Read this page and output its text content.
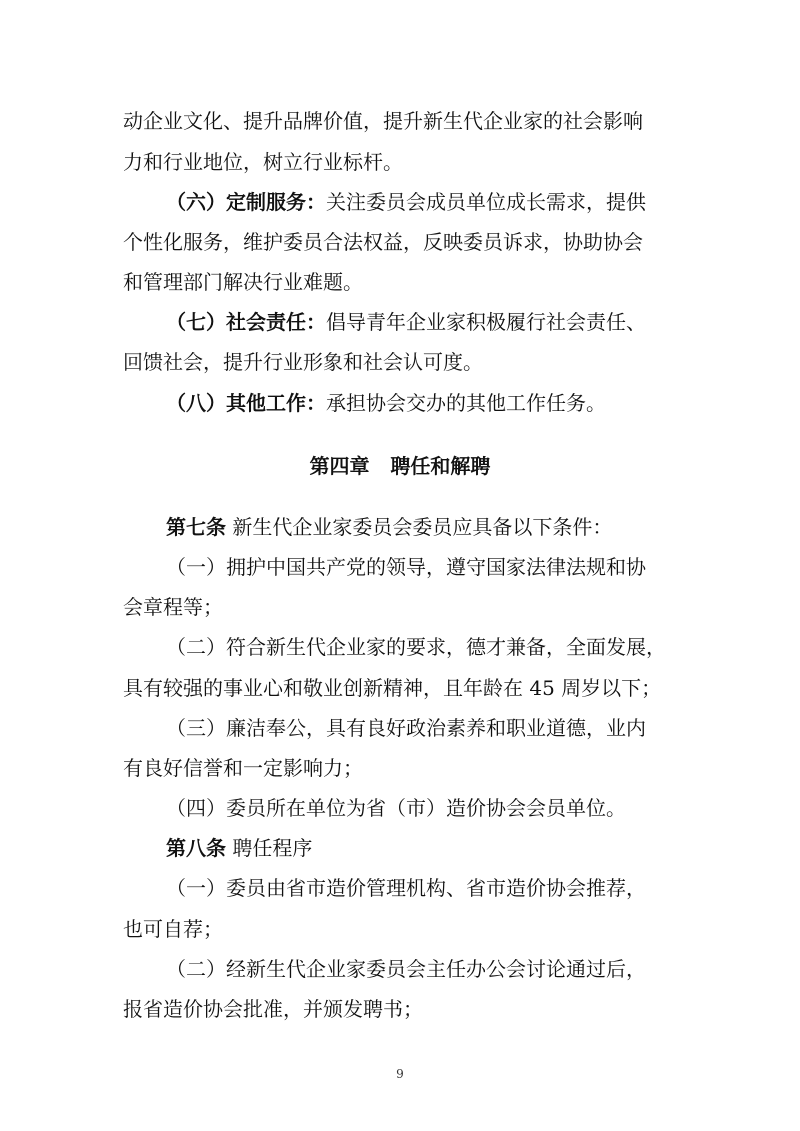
动企业文化、提升品牌价值，提升新生代企业家的社会影响
力和行业地位，树立行业标杆。
（六）定制服务：关注委员会成员单位成长需求，提供
个性化服务，维护委员合法权益，反映委员诉求，协助协会
和管理部门解决行业难题。
（七）社会责任：倡导青年企业家积极履行社会责任、
回馈社会，提升行业形象和社会认可度。
（八）其他工作：承担协会交办的其他工作任务。
第四章   聘任和解聘
第七条 新生代企业家委员会委员应具备以下条件：
（一）拥护中国共产党的领导，遵守国家法律法规和协
会章程等；
（二）符合新生代企业家的要求，德才兼备，全面发展，
具有较强的事业心和敬业创新精神，且年龄在 45 周岁以下；
（三）廉洁奉公，具有良好政治素养和职业道德，业内
有良好信誉和一定影响力；
（四）委员所在单位为省（市）造价协会会员单位。
第八条 聘任程序
（一）委员由省市造价管理机构、省市造价协会推荐，
也可自荐；
（二）经新生代企业家委员会主任办公会讨论通过后，
报省造价协会批准，并颁发聘书；
9
